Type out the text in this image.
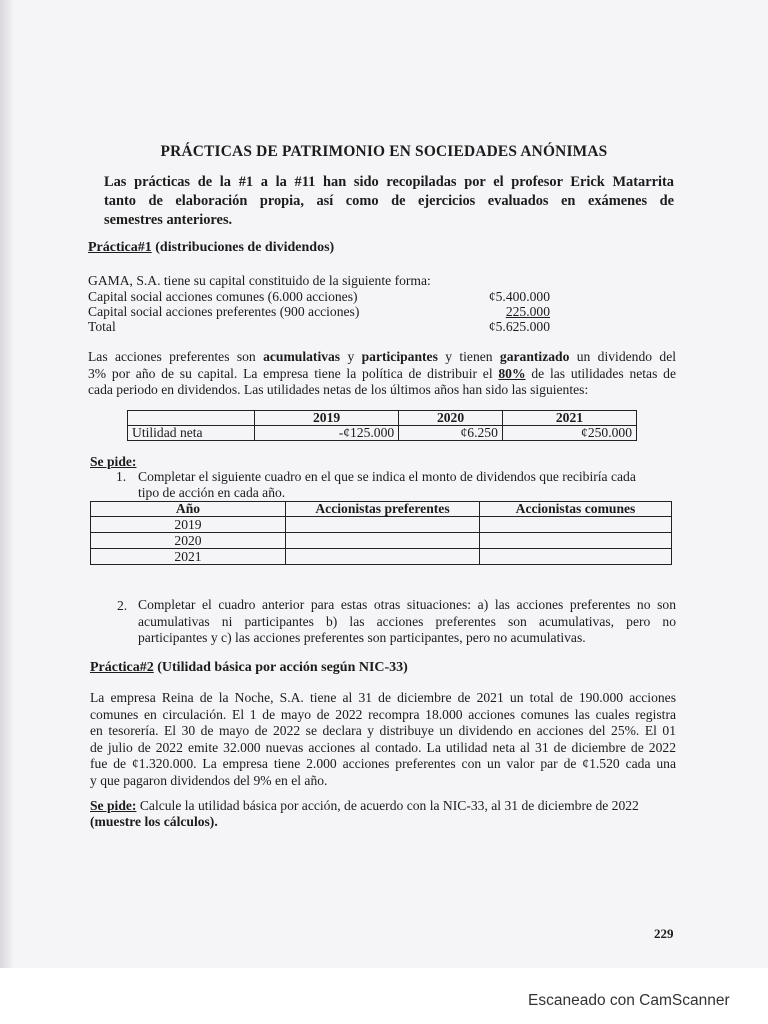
PRÁCTICAS DE PATRIMONIO EN SOCIEDADES ANÓNIMAS
Las prácticas de la #1 a la #11 han sido recopiladas por el profesor Erick Matarrita
tanto de elaboración propia, así como de ejercicios evaluados en exámenes de
semestres anteriores.
Práctica#1 (distribuciones de dividendos)
GAMA, S.A. tiene su capital constituido de la siguiente forma:
Capital social acciones comunes (6.000 acciones)	¢5.400.000
Capital social acciones preferentes (900 acciones)	225.000
Total	¢5.625.000
Las acciones preferentes son acumulativas y participantes y tienen garantizado un dividendo del
3% por año de su capital. La empresa tiene la política de distribuir el 80% de las utilidades netas de
cada periodo en dividendos. Las utilidades netas de los últimos años han sido las siguientes:
	2019	2020	2021
Utilidad neta	-¢125.000	¢6.250	¢250.000
Se pide:
1. Completar el siguiente cuadro en el que se indica el monto de dividendos que recibiría cada
tipo de acción en cada año.
Año	Accionistas preferentes	Accionistas comunes
2019		
2020		
2021		
2. Completar el cuadro anterior para estas otras situaciones: a) las acciones preferentes no son
acumulativas ni participantes b) las acciones preferentes son acumulativas, pero no
participantes y c) las acciones preferentes son participantes, pero no acumulativas.
Práctica#2 (Utilidad básica por acción según NIC-33)
La empresa Reina de la Noche, S.A. tiene al 31 de diciembre de 2021 un total de 190.000 acciones
comunes en circulación. El 1 de mayo de 2022 recompra 18.000 acciones comunes las cuales registra
en tesorería. El 30 de mayo de 2022 se declara y distribuye un dividendo en acciones del 25%. El 01
de julio de 2022 emite 32.000 nuevas acciones al contado. La utilidad neta al 31 de diciembre de 2022
fue de ¢1.320.000. La empresa tiene 2.000 acciones preferentes con un valor par de ¢1.520 cada una
y que pagaron dividendos del 9% en el año.
Se pide: Calcule la utilidad básica por acción, de acuerdo con la NIC-33, al 31 de diciembre de 2022
(muestre los cálculos).
229
Escaneado con CamScanner
